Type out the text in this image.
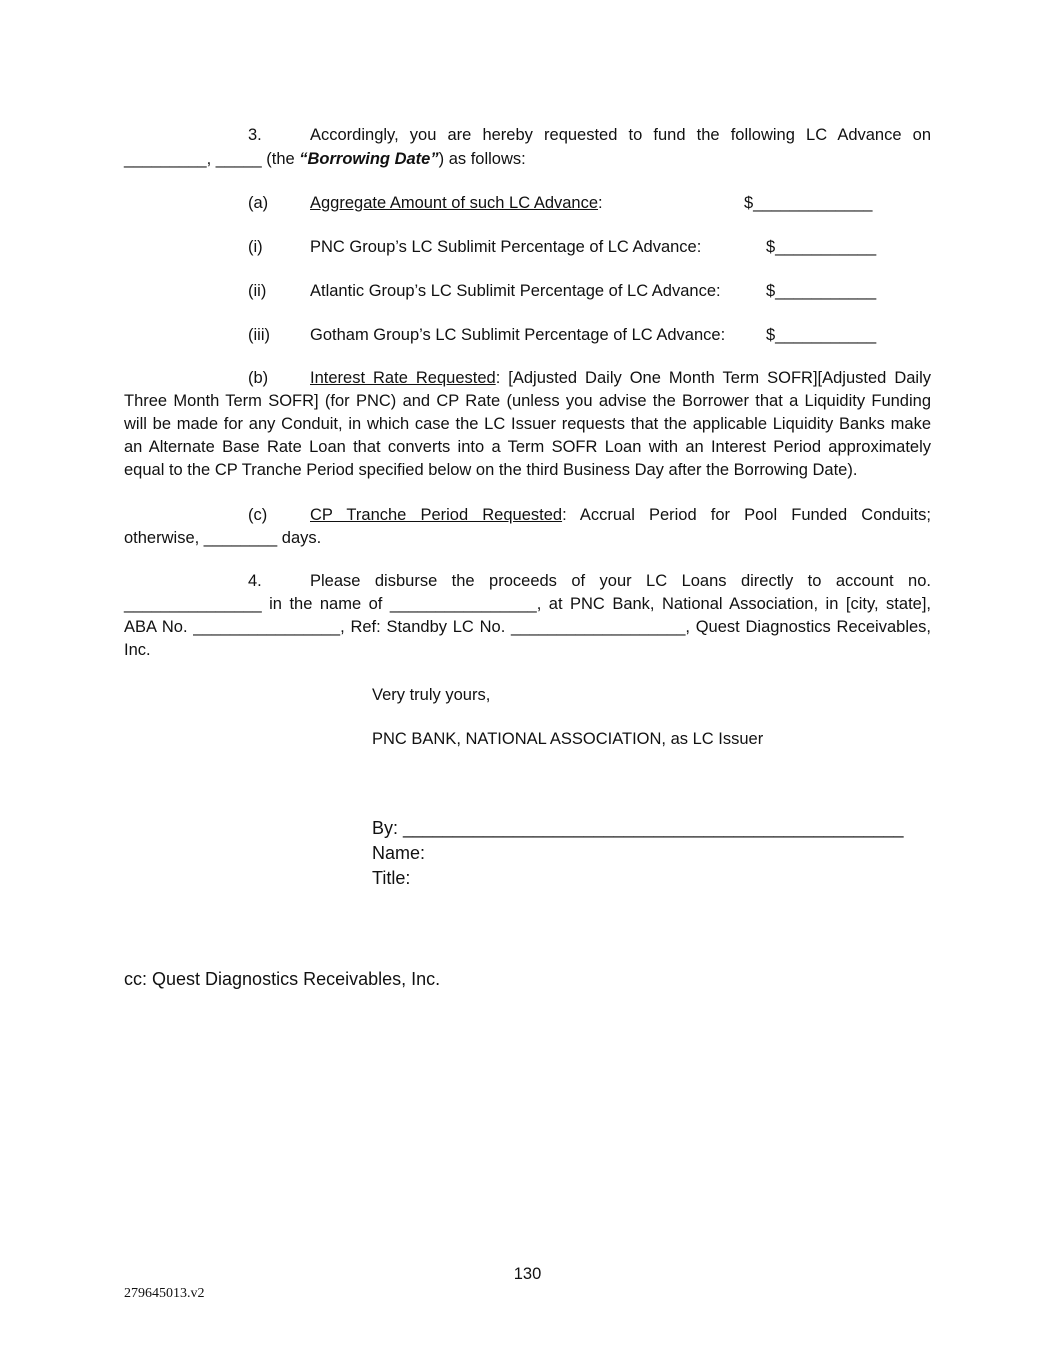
3.	Accordingly, you are hereby requested to fund the following LC Advance on
_________, _____ (the “Borrowing Date”) as follows:
(a)	Aggregate Amount of such LC Advance:	$_____________
(i)	PNC Group’s LC Sublimit Percentage of LC Advance:	$___________
(ii)	Atlantic Group’s LC Sublimit Percentage of LC Advance:	$___________
(iii) Gotham Group’s LC Sublimit Percentage of LC Advance: $___________

(b)	Interest Rate Requested: [Adjusted Daily One Month Term SOFR][Adjusted Daily

Three Month Term SOFR] (for PNC) and CP Rate (unless you advise the Borrower that a Liquidity Funding

will be made for any Conduit, in which case the LC Issuer requests that the applicable Liquidity Banks make

an Alternate Base Rate Loan that converts into a Term SOFR Loan with an Interest Period approximately

equal to the CP Tranche Period specified below on the third Business Day after the Borrowing Date).

(c)	CP Tranche Period Requested: Accrual Period for Pool Funded Conduits;

otherwise, ________ days.

4.	Please disburse the proceeds of your LC Loans directly to account no.

_______________ in the name of ________________, at PNC Bank, National Association, in [city, state],

ABA No. ________________, Ref: Standby LC No. ___________________, Quest Diagnostics Receivables,

Inc.

Very truly yours,
PNC BANK, NATIONAL ASSOCIATION, as LC Issuer
By: __________________________________________________
Name:
Title:
cc: Quest Diagnostics Receivables, Inc.
130
279645013.v2
